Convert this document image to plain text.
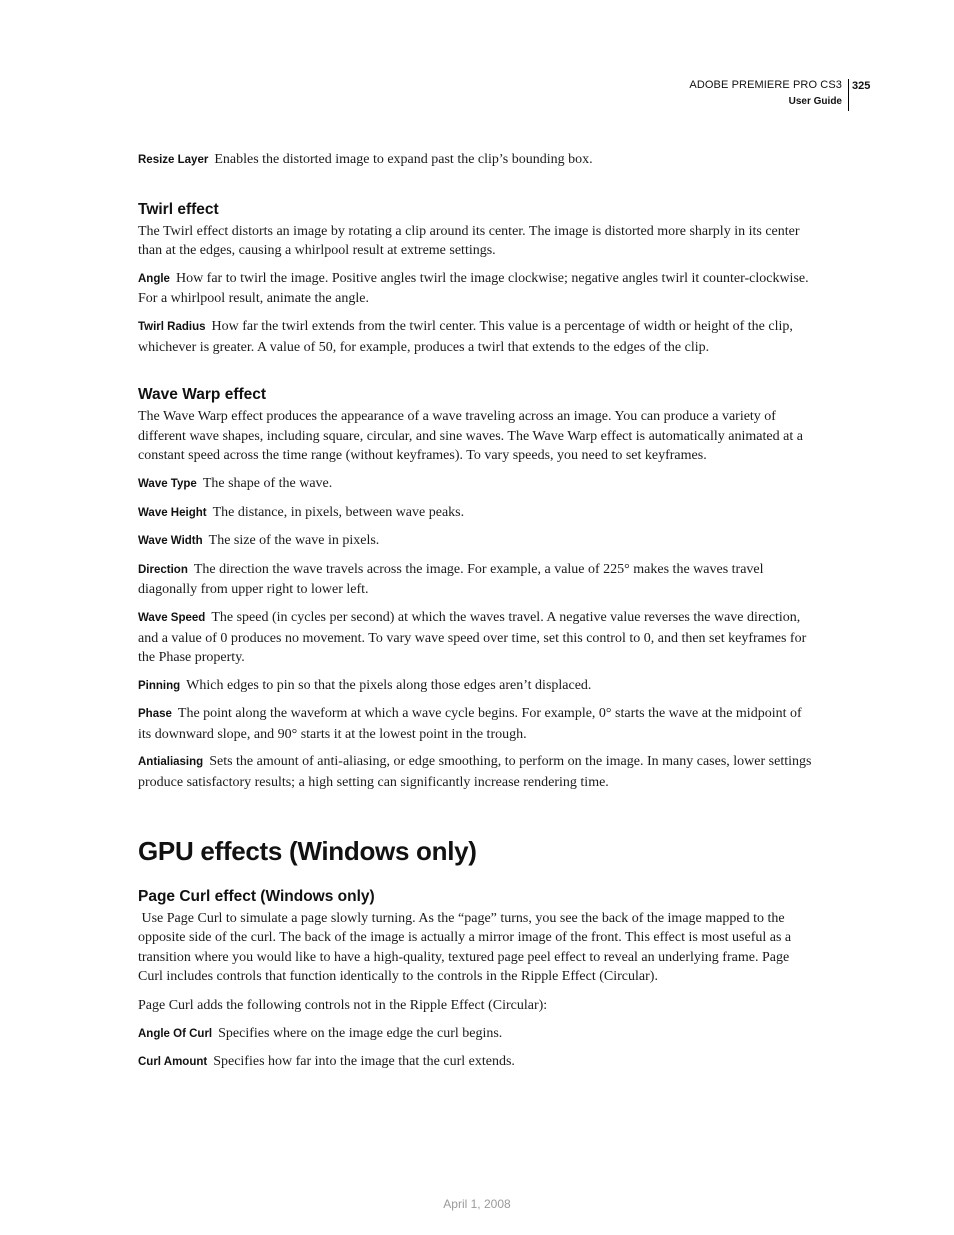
ADOBE PREMIERE PRO CS3
User Guide
325

Resize Layer Enables the distorted image to expand past the clip’s bounding box.

Twirl effect

The Twirl effect distorts an image by rotating a clip around its center. The image is distorted more sharply in its center than at the edges, causing a whirlpool result at extreme settings.

Angle How far to twirl the image. Positive angles twirl the image clockwise; negative angles twirl it counter-clockwise. For a whirlpool result, animate the angle.

Twirl Radius How far the twirl extends from the twirl center. This value is a percentage of width or height of the clip, whichever is greater. A value of 50, for example, produces a twirl that extends to the edges of the clip.

Wave Warp effect

The Wave Warp effect produces the appearance of a wave traveling across an image. You can produce a variety of different wave shapes, including square, circular, and sine waves. The Wave Warp effect is automatically animated at a constant speed across the time range (without keyframes). To vary speeds, you need to set keyframes.

Wave Type The shape of the wave.

Wave Height The distance, in pixels, between wave peaks.

Wave Width The size of the wave in pixels.

Direction The direction the wave travels across the image. For example, a value of 225° makes the waves travel diagonally from upper right to lower left.

Wave Speed The speed (in cycles per second) at which the waves travel. A negative value reverses the wave direction, and a value of 0 produces no movement. To vary wave speed over time, set this control to 0, and then set keyframes for the Phase property.

Pinning Which edges to pin so that the pixels along those edges aren’t displaced.

Phase The point along the waveform at which a wave cycle begins. For example, 0° starts the wave at the midpoint of its downward slope, and 90° starts it at the lowest point in the trough.

Antialiasing Sets the amount of anti-aliasing, or edge smoothing, to perform on the image. In many cases, lower settings produce satisfactory results; a high setting can significantly increase rendering time.

GPU effects (Windows only)
Page Curl effect (Windows only)

Use Page Curl to simulate a page slowly turning. As the “page” turns, you see the back of the image mapped to the opposite side of the curl. The back of the image is actually a mirror image of the front. This effect is most useful as a transition where you would like to have a high-quality, textured page peel effect to reveal an underlying frame. Page Curl includes controls that function identically to the controls in the Ripple Effect (Circular).

Page Curl adds the following controls not in the Ripple Effect (Circular):

Angle Of Curl Specifies where on the image edge the curl begins.

Curl Amount Specifies how far into the image that the curl extends.

April 1, 2008
